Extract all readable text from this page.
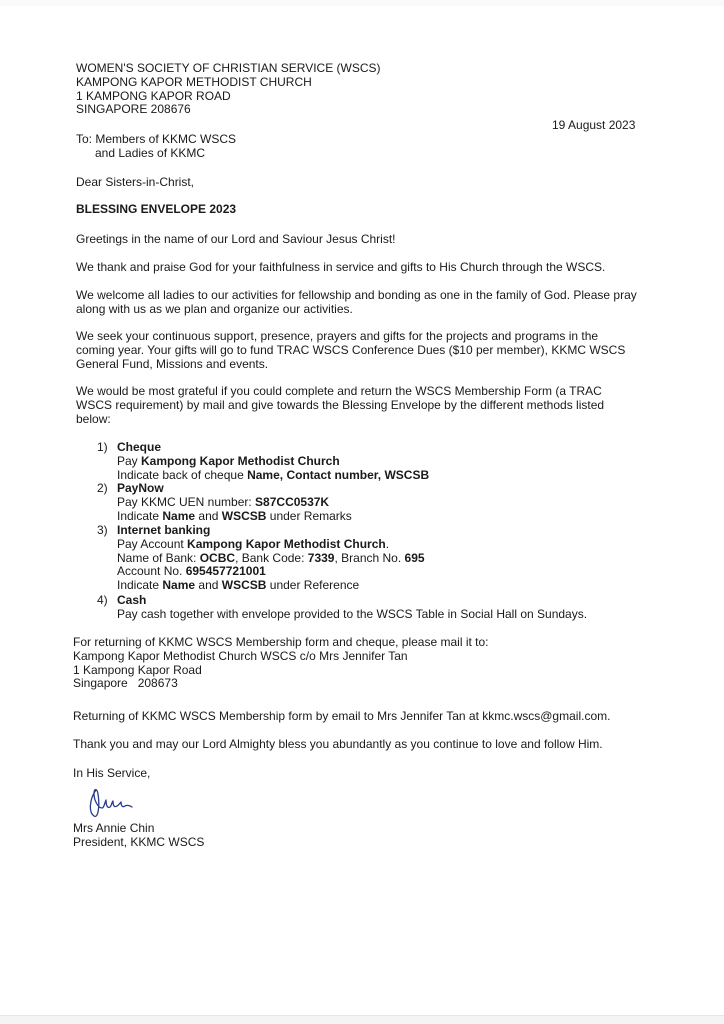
WOMEN'S SOCIETY OF CHRISTIAN SERVICE (WSCS)
KAMPONG KAPOR METHODIST CHURCH
1 KAMPONG KAPOR ROAD
SINGAPORE 208676
19 August 2023
To: Members of KKMC WSCS
and Ladies of KKMC
Dear Sisters-in-Christ,
BLESSING ENVELOPE 2023
Greetings in the name of our Lord and Saviour Jesus Christ!
We thank and praise God for your faithfulness in service and gifts to His Church through the WSCS.
We welcome all ladies to our activities for fellowship and bonding as one in the family of God. Please pray
along with us as we plan and organize our activities.
We seek your continuous support, presence, prayers and gifts for the projects and programs in the
coming year. Your gifts will go to fund TRAC WSCS Conference Dues ($10 per member), KKMC WSCS
General Fund, Missions and events.
We would be most grateful if you could complete and return the WSCS Membership Form (a TRAC
WSCS requirement) by mail and give towards the Blessing Envelope by the different methods listed
below:
1) Cheque
Pay Kampong Kapor Methodist Church
Indicate back of cheque Name, Contact number, WSCSB
2) PayNow
Pay KKMC UEN number: S87CC0537K
Indicate Name and WSCSB under Remarks
3) Internet banking
Pay Account Kampong Kapor Methodist Church.
Name of Bank: OCBC, Bank Code: 7339, Branch No. 695
Account No. 695457721001
Indicate Name and WSCSB under Reference
4) Cash
Pay cash together with envelope provided to the WSCS Table in Social Hall on Sundays.
For returning of KKMC WSCS Membership form and cheque, please mail it to:
Kampong Kapor Methodist Church WSCS c/o Mrs Jennifer Tan
1 Kampong Kapor Road
Singapore   208673
Returning of KKMC WSCS Membership form by email to Mrs Jennifer Tan at kkmc.wscs@gmail.com.
Thank you and may our Lord Almighty bless you abundantly as you continue to love and follow Him.
In His Service,
Mrs Annie Chin
President, KKMC WSCS
